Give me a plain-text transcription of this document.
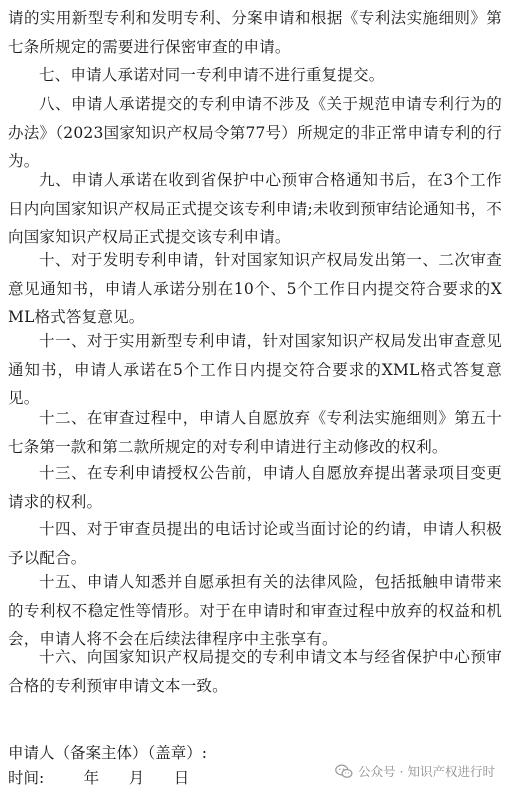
请的实用新型专利和发明专利、分案申请和根据《专利法实施细则》第七条所规定的需要进行保密审查的申请。

七、申请人承诺对同一专利申请不进行重复提交。

八、申请人承诺提交的专利申请不涉及《关于规范申请专利行为的办法》（2023国家知识产权局令第77号）所规定的非正常申请专利的行为。

九、申请人承诺在收到省保护中心预审合格通知书后，在3个工作日内向国家知识产权局正式提交该专利申请;未收到预审结论通知书，不向国家知识产权局正式提交该专利申请。

十、对于发明专利申请，针对国家知识产权局发出第一、二次审查意见通知书，申请人承诺分别在10个、5个工作日内提交符合要求的XML格式答复意见。

十一、对于实用新型专利申请，针对国家知识产权局发出审查意见通知书，申请人承诺在5个工作日内提交符合要求的XML格式答复意见。

十二、在审查过程中，申请人自愿放弃《专利法实施细则》第五十七条第一款和第二款所规定的对专利申请进行主动修改的权利。

十三、在专利申请授权公告前，申请人自愿放弃提出著录项目变更请求的权利。

十四、对于审查员提出的电话讨论或当面讨论的约请，申请人积极予以配合。

十五、申请人知悉并自愿承担有关的法律风险，包括抵触申请带来的专利权不稳定性等情形。对于在申请时和审查过程中放弃的权益和机会，申请人将不会在后续法律程序中主张享有。

十六、向国家知识产权局提交的专利申请文本与经省保护中心预审合格的专利预审申请文本一致。

申请人（备案主体）（盖章）:

时间:        年      月      日	公众号 · 知识产权进行时
